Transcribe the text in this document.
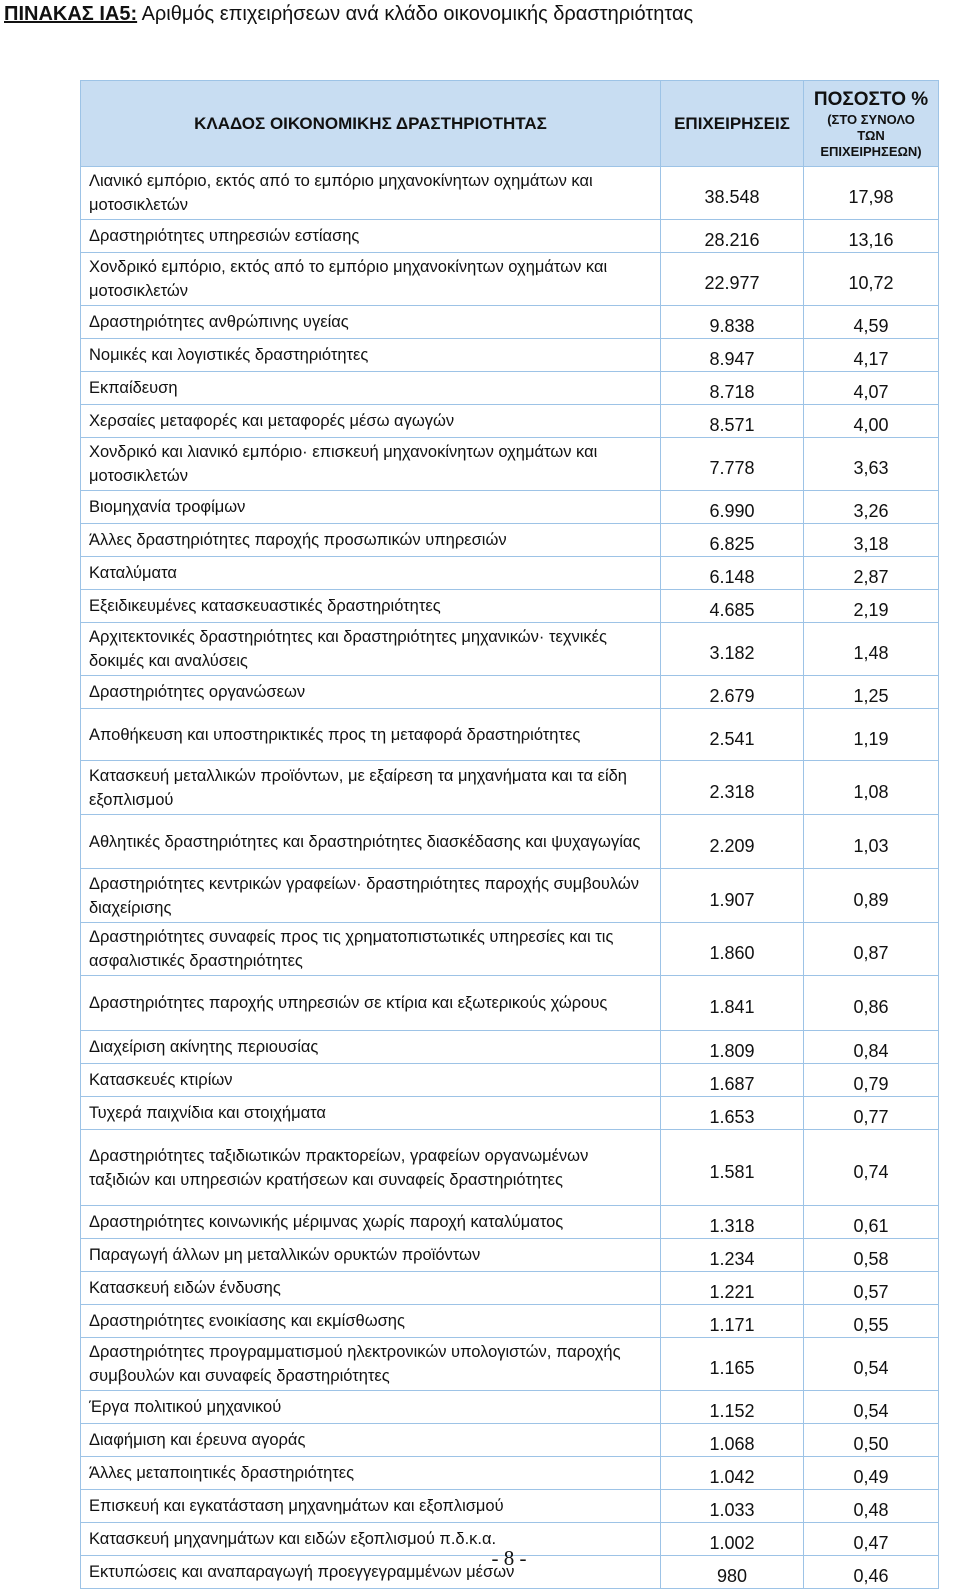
ΠΙΝΑΚΑΣ ΙΑ5: Αριθμός επιχειρήσεων ανά κλάδο οικονομικής δραστηριότητας
ΚΛΑΔΟΣ ΟΙΚΟΝΟΜΙΚΗΣ ΔΡΑΣΤΗΡΙΟΤΗΤΑΣ	ΕΠΙΧΕΙΡΗΣΕΙΣ	ΠΟΣΟΣΤΟ %
(ΣΤΟ ΣΥΝΟΛΟ
ΤΩΝ
ΕΠΙΧΕΙΡΗΣΕΩΝ)

Λιανικό εμπόριο, εκτός από το εμπόριο μηχανοκίνητων οχημάτων και μοτοσικλετών	38.548	17,98
Δραστηριότητες υπηρεσιών εστίασης	28.216	13,16
Χονδρικό εμπόριο, εκτός από το εμπόριο μηχανοκίνητων οχημάτων και μοτοσικλετών	22.977	10,72
Δραστηριότητες ανθρώπινης υγείας	9.838	4,59
Νομικές και λογιστικές δραστηριότητες	8.947	4,17
Εκπαίδευση	8.718	4,07
Χερσαίες μεταφορές και μεταφορές μέσω αγωγών	8.571	4,00
Χονδρικό και λιανικό εμπόριο· επισκευή μηχανοκίνητων οχημάτων και μοτοσικλετών	7.778	3,63
Βιομηχανία τροφίμων	6.990	3,26
Άλλες δραστηριότητες παροχής προσωπικών υπηρεσιών	6.825	3,18
Καταλύματα	6.148	2,87
Εξειδικευμένες κατασκευαστικές δραστηριότητες	4.685	2,19
Αρχιτεκτονικές δραστηριότητες και δραστηριότητες μηχανικών· τεχνικές δοκιμές και αναλύσεις	3.182	1,48
Δραστηριότητες οργανώσεων	2.679	1,25
Αποθήκευση και υποστηρικτικές προς τη μεταφορά δραστηριότητες	2.541	1,19
Κατασκευή μεταλλικών προϊόντων, με εξαίρεση τα μηχανήματα και τα είδη εξοπλισμού	2.318	1,08
Αθλητικές δραστηριότητες και δραστηριότητες διασκέδασης και ψυχαγωγίας	2.209	1,03
Δραστηριότητες κεντρικών γραφείων· δραστηριότητες παροχής συμβουλών διαχείρισης	1.907	0,89
Δραστηριότητες συναφείς προς τις χρηματοπιστωτικές υπηρεσίες και τις ασφαλιστικές δραστηριότητες	1.860	0,87
Δραστηριότητες παροχής υπηρεσιών σε κτίρια και εξωτερικούς χώρους	1.841	0,86
Διαχείριση ακίνητης περιουσίας	1.809	0,84
Κατασκευές κτιρίων	1.687	0,79
Τυχερά παιχνίδια και στοιχήματα	1.653	0,77
Δραστηριότητες ταξιδιωτικών πρακτορείων, γραφείων οργανωμένων ταξιδιών και υπηρεσιών κρατήσεων και συναφείς δραστηριότητες	1.581	0,74
Δραστηριότητες κοινωνικής μέριμνας χωρίς παροχή καταλύματος	1.318	0,61
Παραγωγή άλλων μη μεταλλικών ορυκτών προϊόντων	1.234	0,58
Κατασκευή ειδών ένδυσης	1.221	0,57
Δραστηριότητες ενοικίασης και εκμίσθωσης	1.171	0,55
Δραστηριότητες προγραμματισμού ηλεκτρονικών υπολογιστών, παροχής συμβουλών και συναφείς δραστηριότητες	1.165	0,54
Έργα πολιτικού μηχανικού	1.152	0,54
Διαφήμιση και έρευνα αγοράς	1.068	0,50
Άλλες μεταποιητικές δραστηριότητες	1.042	0,49
Επισκευή και εγκατάσταση μηχανημάτων και εξοπλισμού	1.033	0,48
Κατασκευή μηχανημάτων και ειδών εξοπλισμού π.δ.κ.α.	1.002	0,47
Εκτυπώσεις και αναπαραγωγή προεγγεγραμμένων μέσων	980	0,46
- 8 -
